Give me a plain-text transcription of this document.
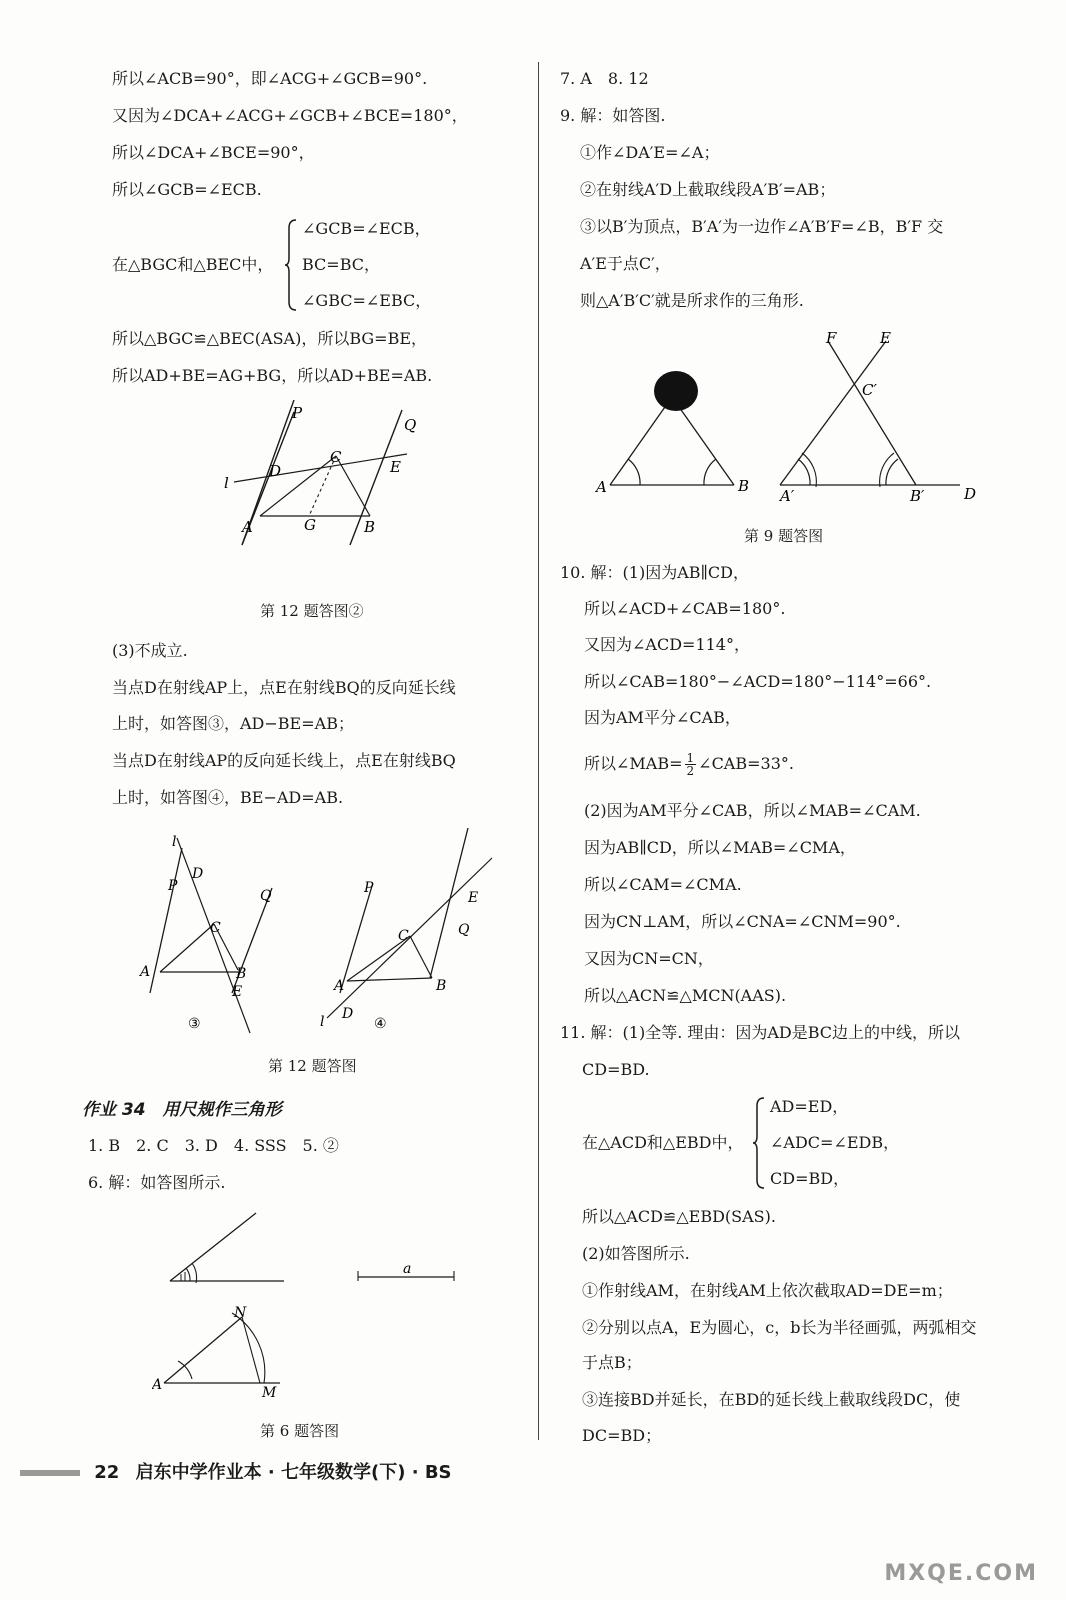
所以∠ACB=90°，即∠ACG+∠GCB=90°.
又因为∠DCA+∠ACG+∠GCB+∠BCE=180°，
所以∠DCA+∠BCE=90°，
所以∠GCB=∠ECB.
在△BGC和△BEC中，
∠GCB=∠ECB，
BC=BC，
∠GBC=∠EBC，
所以△BGC≌△BEC(ASA)，所以BG=BE，
所以AD+BE=AG+BG，所以AD+BE=AB.
P
Q
l
D
C
E
A	G	B
第 12 题答图②
(3)不成立.
当点D在射线AP上，点E在射线BQ的反向延长线
上时，如答图③，AD−BE=AB；
当点D在射线AP的反向延长线上，点E在射线BQ
上时，如答图④，BE−AD=AB.
l
P
D
Q
C
A	B
E
③
P
E
Q
C
A	B
D
l	④
第 12 题答图
作业 34　用尺规作三角形
1. B　2. C　3. D　4. SSS　5. ②
6. 解：如答图所示.
a
N
A	M
第 6 题答图
7. A　8. 12
9. 解：如答图.
①作∠DA′E=∠A；
②在射线A′D上截取线段A′B′=AB；
③以B′为顶点，B′A′为一边作∠A′B′F=∠B，B′F 交
A′E于点C′，
则△A′B′C′就是所求作的三角形.
A	B
F	E
C′
A′	B′	D
第 9 题答图
10. 解：(1)因为AB∥CD，
所以∠ACD+∠CAB=180°.
又因为∠ACD=114°，
所以∠CAB=180°−∠ACD=180°−114°=66°.
因为AM平分∠CAB，
所以∠MAB= $\frac{1}{2}$ ∠CAB=33°.
(2)因为AM平分∠CAB，所以∠MAB=∠CAM.
因为AB∥CD，所以∠MAB=∠CMA，
所以∠CAM=∠CMA.
因为CN⊥AM，所以∠CNA=∠CNM=90°.
又因为CN=CN，
所以△ACN≌△MCN(AAS).
11. 解：(1)全等. 理由：因为AD是BC边上的中线，所以
CD=BD.
在△ACD和△EBD中，
AD=ED，
∠ADC=∠EDB，
CD=BD，
所以△ACD≌△EBD(SAS).
(2)如答图所示.
①作射线AM，在射线AM上依次截取AD=DE=m；
②分别以点A，E为圆心，c，b长为半径画弧，两弧相交
于点B；
③连接BD并延长，在BD的延长线上截取线段DC，使
DC=BD；
22 启东中学作业本 · 七年级数学(下) · BS
MXQE.COM
